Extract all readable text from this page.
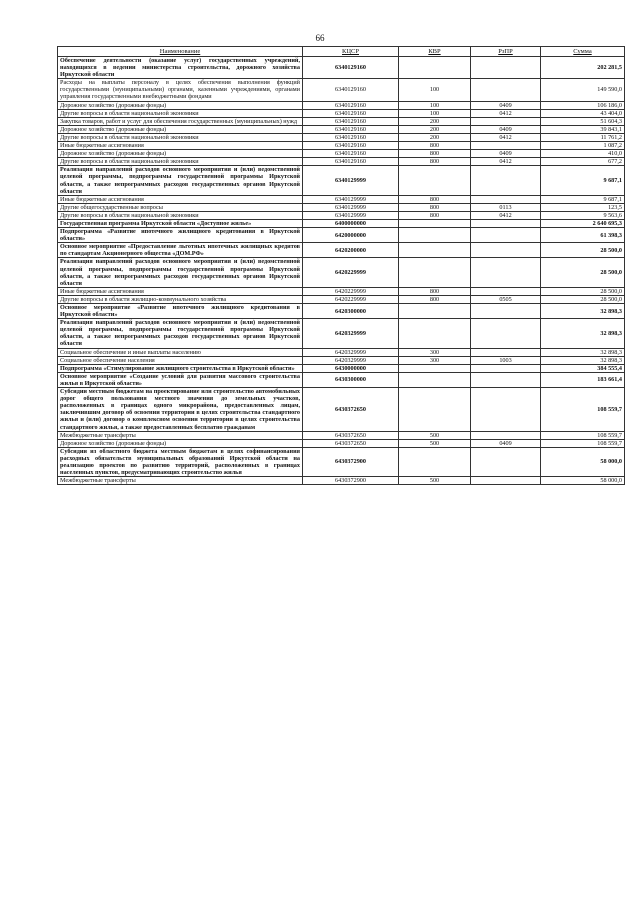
66
Наименование	КЦСР	КВР	РзПР	Сумма
Обеспечение деятельности (оказание услуг) государственных учреждений, находящихся в ведении министерства строительства, дорожного хозяйства Иркутской области	6340129160			202 281,5
Расходы на выплаты персоналу в целях обеспечения выполнения функций государственными (муниципальными) органами, казенными учреждениями, органами управления государственными внебюджетными фондами	6340129160	100		149 590,0
Дорожное хозяйство (дорожные фонды)	6340129160	100	0409	106 186,0
Другие вопросы в области национальной экономики	6340129160	100	0412	43 404,0
Закупка товаров, работ и услуг для обеспечения государственных (муниципальных) нужд	6340129160	200		51 604,3
Дорожное хозяйство (дорожные фонды)	6340129160	200	0409	39 843,1
Другие вопросы в области национальной экономики	6340129160	200	0412	11 761,2
Иные бюджетные ассигнования	6340129160	800		1 087,2
Дорожное хозяйство (дорожные фонды)	6340129160	800	0409	410,0
Другие вопросы в области национальной экономики	6340129160	800	0412	677,2
Реализация направлений расходов основного мероприятия и (или) ведомственной целевой программы, подпрограммы государственной программы Иркутской области, а также непрограммных расходов государственных органов Иркутской области	6340129999			9 687,1
Иные бюджетные ассигнования	6340129999	800		9 687,1
Другие общегосударственные вопросы	6340129999	800	0113	123,5
Другие вопросы в области национальной экономики	6340129999	800	0412	9 563,6
Государственная программа Иркутской области «Доступное жилье»	6400000000			2 640 695,3
Подпрограмма «Развитие ипотечного жилищного кредитования в Иркутской области»	6420000000			61 398,3
Основное мероприятие «Предоставление льготных ипотечных жилищных кредитов по стандартам Акционерного общества «ДОМ.РФ»	6420200000			28 500,0
Реализация направлений расходов основного мероприятия и (или) ведомственной целевой программы, подпрограммы государственной программы Иркутской области, а также непрограммных расходов государственных органов Иркутской области	6420229999			28 500,0
Иные бюджетные ассигнования	6420229999	800		28 500,0
Другие вопросы в области жилищно-коммунального хозяйства	6420229999	800	0505	28 500,0
Основное мероприятие «Развитие ипотечного жилищного кредитования в Иркутской области»	6420300000			32 898,3
Реализация направлений расходов основного мероприятия и (или) ведомственной целевой программы, подпрограммы государственной программы Иркутской области, а также непрограммных расходов государственных органов Иркутской области	6420329999			32 898,3
Социальное обеспечение и иные выплаты населению	6420329999	300		32 898,3
Социальное обеспечение населения	6420329999	300	1003	32 898,3
Подпрограмма «Стимулирование жилищного строительства в Иркутской области»	6430000000			384 555,4
Основное мероприятие «Создание условий для развития массового строительства жилья в Иркутской области»	6430300000			183 661,4
Субсидии местным бюджетам на проектирование или строительство автомобильных дорог общего пользования местного значения до земельных участков, расположенных в границах одного микрорайона, предоставленных лицам, заключившим договор об освоении территории в целях строительства стандартного жилья и (или) договор о комплексном освоении территории в целях строительства стандартного жилья, а также предоставленных бесплатно гражданам	6430372650			108 559,7
Межбюджетные трансферты	6430372650	500		108 559,7
Дорожное хозяйство (дорожные фонды)	6430372650	500	0409	108 559,7
Субсидии из областного бюджета местным бюджетам в целях софинансирования расходных обязательств муниципальных образований Иркутской области на реализацию проектов по развитию территорий, расположенных в границах населенных пунктов, предусматривающих строительство жилья	6430372900			58 000,0
Межбюджетные трансферты	6430372900	500		58 000,0
